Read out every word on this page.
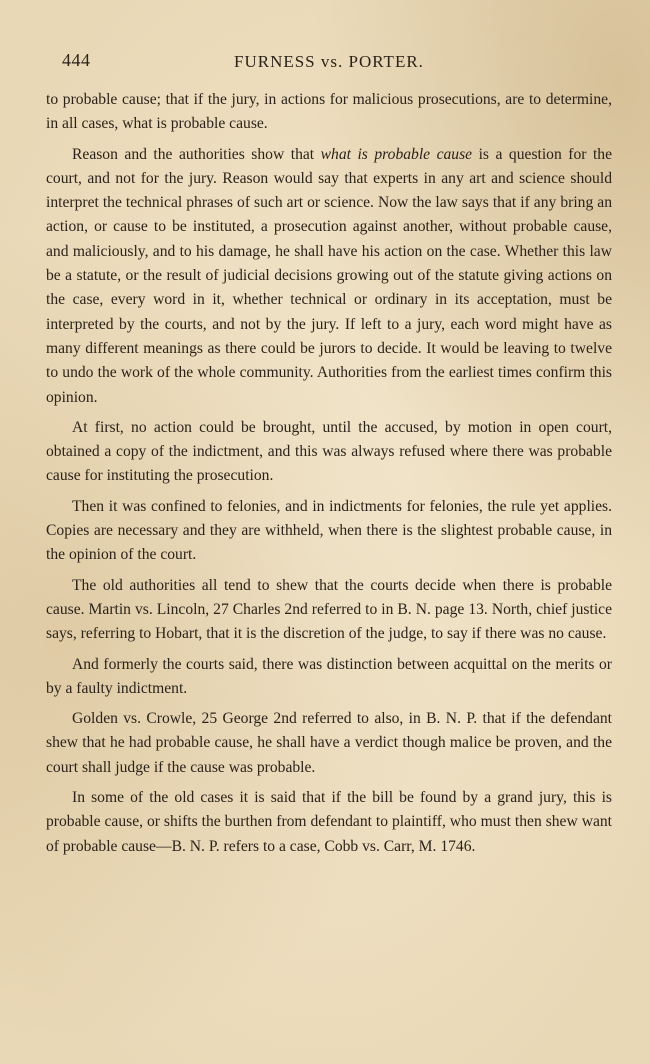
444	FURNESS vs. PORTER.

to probable cause; that if the jury, in actions for malicious prosecutions, are to determine, in all cases, what is probable cause.

Reason and the authorities show that what is probable cause is a question for the court, and not for the jury. Reason would say that experts in any art and science should interpret the technical phrases of such art or science. Now the law says that if any bring an action, or cause to be instituted, a prosecution against another, without probable cause, and maliciously, and to his damage, he shall have his action on the case. Whether this law be a statute, or the result of judicial decisions growing out of the statute giving actions on the case, every word in it, whether technical or ordinary in its acceptation, must be interpreted by the courts, and not by the jury. If left to a jury, each word might have as many different meanings as there could be jurors to decide. It would be leaving to twelve to undo the work of the whole community. Authorities from the earliest times confirm this opinion.

At first, no action could be brought, until the accused, by motion in open court, obtained a copy of the indictment, and this was always refused where there was probable cause for instituting the prosecution.

Then it was confined to felonies, and in indictments for felonies, the rule yet applies. Copies are necessary and they are withheld, when there is the slightest probable cause, in the opinion of the court.

The old authorities all tend to shew that the courts decide when there is probable cause. Martin vs. Lincoln, 27 Charles 2nd referred to in B. N. page 13. North, chief justice says, referring to Hobart, that it is the discretion of the judge, to say if there was no cause.

And formerly the courts said, there was distinction between acquittal on the merits or by a faulty indictment.

Golden vs. Crowle, 25 George 2nd referred to also, in B. N. P. that if the defendant shew that he had probable cause, he shall have a verdict though malice be proven, and the court shall judge if the cause was probable.

In some of the old cases it is said that if the bill be found by a grand jury, this is probable cause, or shifts the burthen from defendant to plaintiff, who must then shew want of probable cause—B. N. P. refers to a case, Cobb vs. Carr, M. 1746.
